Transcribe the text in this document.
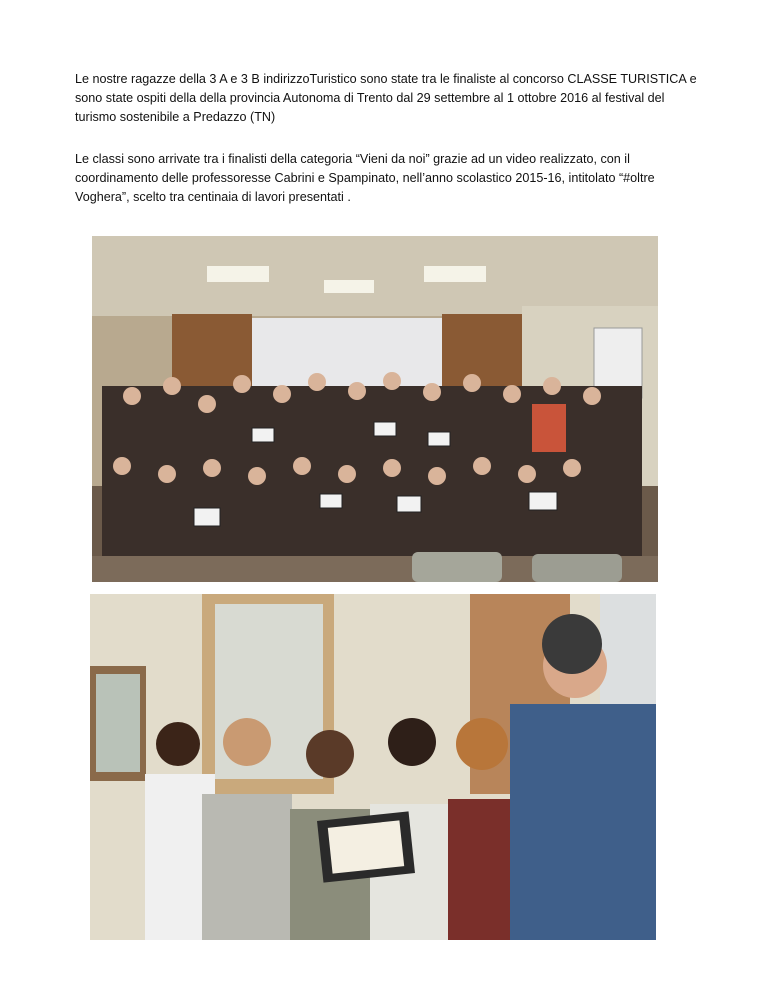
Le nostre ragazze della 3 A e 3 B indirizzoTuristico sono state tra le finaliste al concorso CLASSE TURISTICA e sono state ospiti della della provincia Autonoma di Trento dal 29 settembre al 1 ottobre 2016 al festival del turismo sostenibile a Predazzo (TN)

Le classi sono arrivate tra i finalisti della categoria “Vieni da noi” grazie ad un video realizzato, con il coordinamento delle professoresse Cabrini e Spampinato, nell’anno scolastico 2015-16, intitolato “#oltre Voghera”, scelto tra centinaia di lavori presentati .
